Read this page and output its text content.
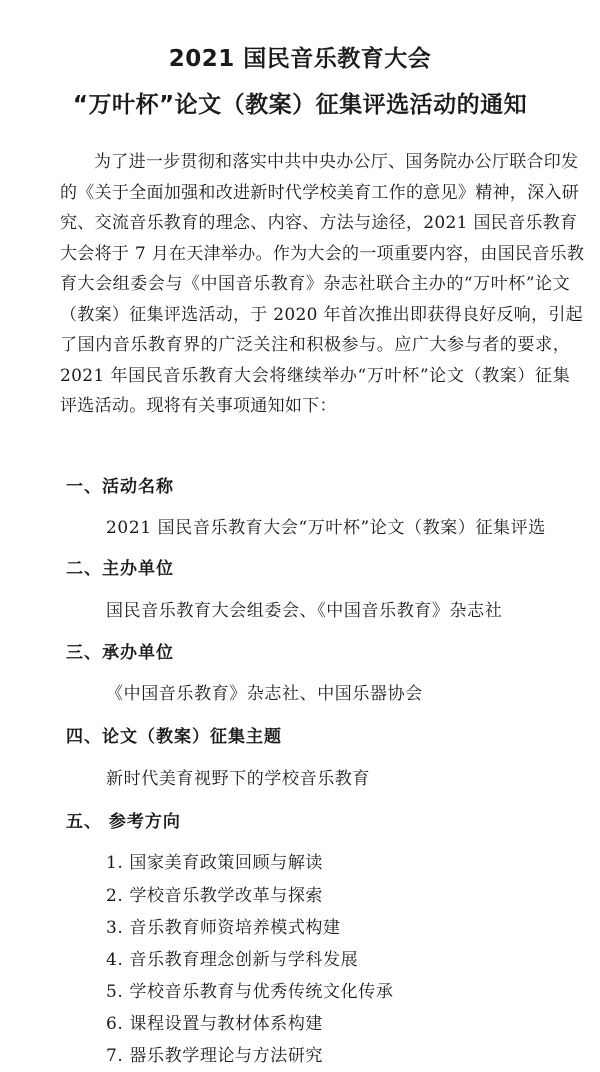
2021 国民音乐教育大会
“万叶杯”论文（教案）征集评选活动的通知
为了进一步贯彻和落实中共中央办公厅、国务院办公厅联合印发
的《关于全面加强和改进新时代学校美育工作的意见》精神，深入研
究、交流音乐教育的理念、内容、方法与途径，2021 国民音乐教育
大会将于 7 月在天津举办。作为大会的一项重要内容，由国民音乐教
育大会组委会与《中国音乐教育》杂志社联合主办的“万叶杯”论文
（教案）征集评选活动，于 2020 年首次推出即获得良好反响，引起
了国内音乐教育界的广泛关注和积极参与。应广大参与者的要求，
2021 年国民音乐教育大会将继续举办“万叶杯”论文（教案）征集
评选活动。现将有关事项通知如下：
一、活动名称
2021 国民音乐教育大会“万叶杯”论文（教案）征集评选
二、主办单位
国民音乐教育大会组委会、《中国音乐教育》杂志社
三、承办单位
《中国音乐教育》杂志社、中国乐器协会
四、论文（教案）征集主题
新时代美育视野下的学校音乐教育
五、 参考方向
1. 国家美育政策回顾与解读
2. 学校音乐教学改革与探索
3. 音乐教育师资培养模式构建
4. 音乐教育理念创新与学科发展
5. 学校音乐教育与优秀传统文化传承
6. 课程设置与教材体系构建
7. 器乐教学理论与方法研究
